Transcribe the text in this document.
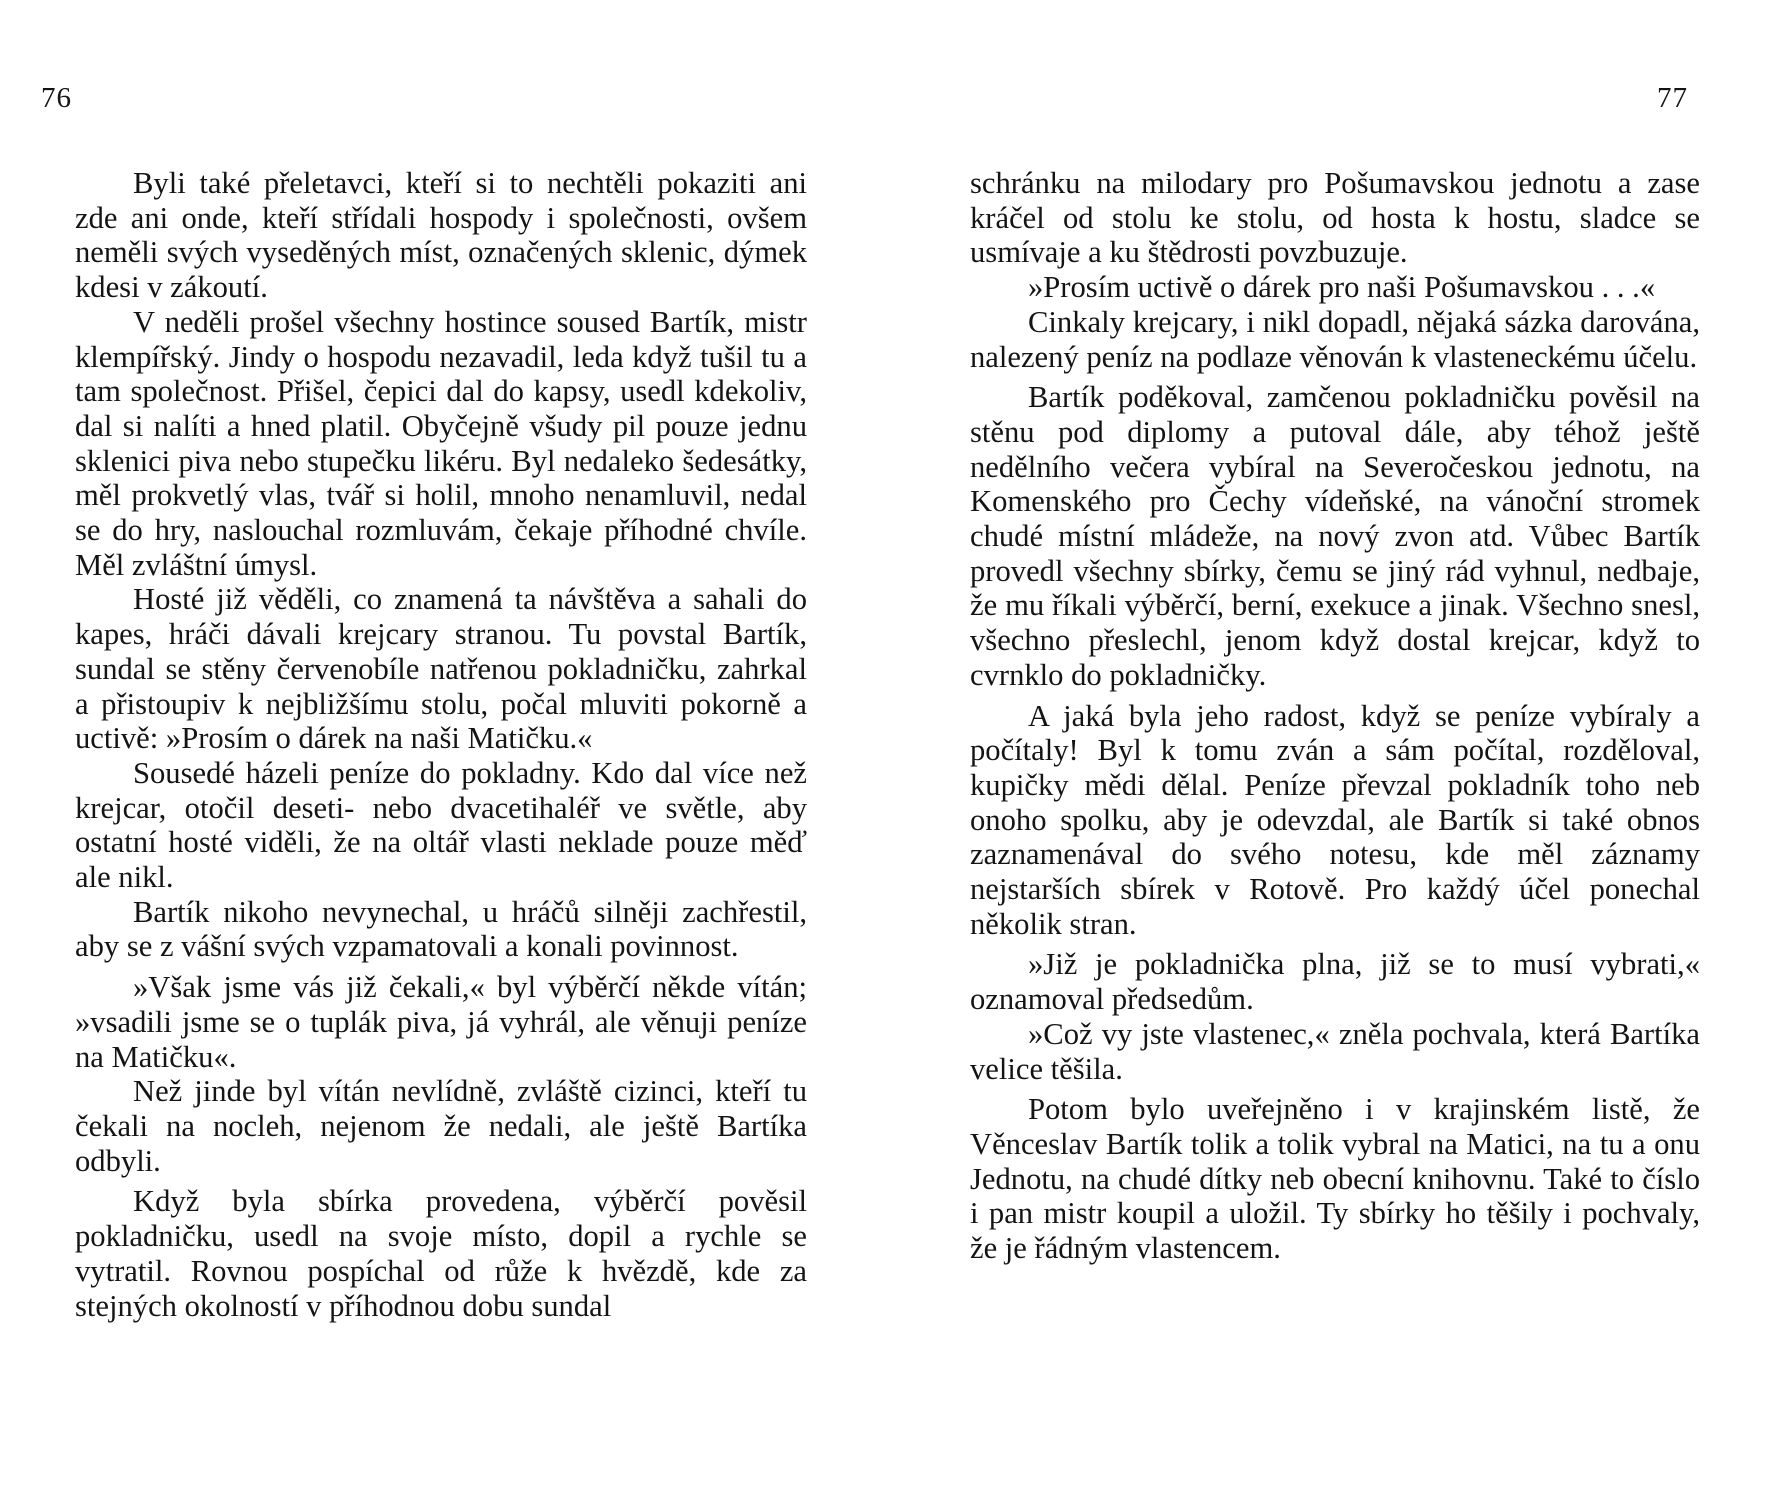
76

Byli také přeletavci, kteří si to nechtěli pokaziti ani zde ani onde, kteří střídali hospody i společnosti, ovšem neměli svých vyseděných míst, označených sklenic, dýmek kdesi v zákoutí.

V neděli prošel všechny hostince soused Bartík, mistr klempířský. Jindy o hospodu nezavadil, leda když tušil tu a tam společnost. Přišel, čepici dal do kapsy, usedl kdekoliv, dal si nalíti a hned platil. Obyčejně všudy pil pouze jednu sklenici piva nebo stupečku likéru. Byl nedaleko šedesátky, měl prokvetlý vlas, tvář si holil, mnoho nenamluvil, nedal se do hry, naslouchal rozmluvám, čekaje příhodné chvíle. Měl zvláštní úmysl.

Hosté již věděli, co znamená ta návštěva a sahali do kapes, hráči dávali krejcary stranou. Tu povstal Bartík, sundal se stěny červenobíle natřenou pokladničku, zahrkal a přistoupiv k nejbližšímu stolu, počal mluviti pokorně a uctivě: »Prosím o dárek na naši Matičku.«

Sousedé házeli peníze do pokladny. Kdo dal více než krejcar, otočil deseti- nebo dvacetihaléř ve světle, aby ostatní hosté viděli, že na oltář vlasti neklade pouze měď ale nikl.

Bartík nikoho nevynechal, u hráčů silněji zachřestil, aby se z vášní svých vzpamatovali a konali povinnost.

»Však jsme vás již čekali,« byl výběrčí někde vítán; »vsadili jsme se o tuplák piva, já vyhrál, ale věnuji peníze na Matičku«.

Než jinde byl vítán nevlídně, zvláště cizinci, kteří tu čekali na nocleh, nejenom že nedali, ale ještě Bartíka odbyli.

Když byla sbírka provedena, výběrčí pověsil pokladničku, usedl na svoje místo, dopil a rychle se vytratil. Rovnou pospíchal od růže k hvězdě, kde za stejných okolností v příhodnou dobu sundal

77

schránku na milodary pro Pošumavskou jednotu a zase kráčel od stolu ke stolu, od hosta k hostu, sladce se usmívaje a ku štědrosti povzbuzuje.

»Prosím uctivě o dárek pro naši Pošumavskou . . .«

Cinkaly krejcary, i nikl dopadl, nějaká sázka darována, nalezený peníz na podlaze věnován k vlasteneckému účelu.

Bartík poděkoval, zamčenou pokladničku pověsil na stěnu pod diplomy a putoval dále, aby téhož ještě nedělního večera vybíral na Severočeskou jednotu, na Komenského pro Čechy vídeňské, na vánoční stromek chudé místní mládeže, na nový zvon atd. Vůbec Bartík provedl všechny sbírky, čemu se jiný rád vyhnul, nedbaje, že mu říkali výběrčí, berní, exekuce a jinak. Všechno snesl, všechno přeslechl, jenom když dostal krejcar, když to cvrnklo do pokladničky.

A jaká byla jeho radost, když se peníze vybíraly a počítaly! Byl k tomu zván a sám počítal, rozděloval, kupičky mědi dělal. Peníze převzal pokladník toho neb onoho spolku, aby je odevzdal, ale Bartík si také obnos zaznamenával do svého notesu, kde měl záznamy nejstarších sbírek v Rotově. Pro každý účel ponechal několik stran.

»Již je pokladnička plna, již se to musí vybrati,« oznamoval předsedům.

»Což vy jste vlastenec,« zněla pochvala, která Bartíka velice těšila.

Potom bylo uveřejněno i v krajinském listě, že Věnceslav Bartík tolik a tolik vybral na Matici, na tu a onu Jednotu, na chudé dítky neb obecní knihovnu. Také to číslo i pan mistr koupil a uložil. Ty sbírky ho těšily i pochvaly, že je řádným vlastencem.
